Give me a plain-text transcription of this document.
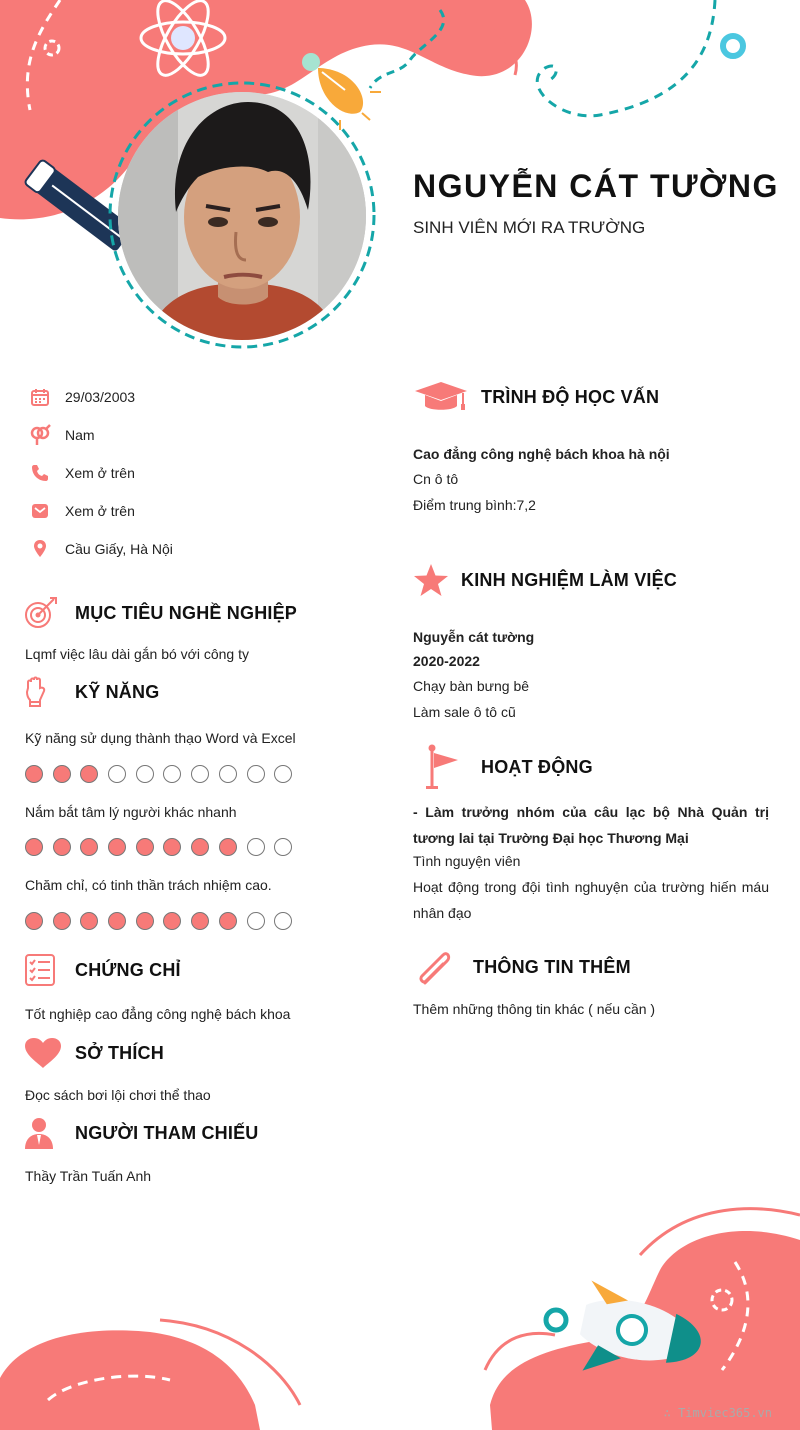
NGUYỄN CÁT TƯỜNG
SINH VIÊN MỚI RA TRƯỜNG
29/03/2003
Nam
Xem ở trên
Xem ở trên
Cầu Giấy, Hà Nội
MỤC TIÊU NGHỀ NGHIỆP
Lqmf việc lâu dài gắn bó với công ty
KỸ NĂNG
Kỹ năng sử dụng thành thạo Word và Excel
Nắm bắt tâm lý người khác nhanh
Chăm chỉ, có tinh thần trách nhiệm cao.
CHỨNG CHỈ
Tốt nghiệp cao đẳng công nghệ bách khoa
SỞ THÍCH
Đọc sách bơi lội chơi thể thao
NGƯỜI THAM CHIẾU
Thầy Trần Tuấn Anh
TRÌNH ĐỘ HỌC VẤN
Cao đẳng công nghệ bách khoa hà nội
Cn ô tô
Điểm trung bình:7,2
KINH NGHIỆM LÀM VIỆC
Nguyễn cát tường
2020-2022
Chạy bàn bưng bê
Làm sale ô tô cũ
HOẠT ĐỘNG
- Làm trưởng nhóm của câu lạc bộ Nhà Quản trị tương lai tại Trường Đại học Thương Mại
Tình nguyện viên
Hoạt động trong đội tình nghuyện của trường hiến máu nhân đạo
THÔNG TIN THÊM
Thêm những thông tin khác ( nếu cần )
∴ Timviec365.vn
